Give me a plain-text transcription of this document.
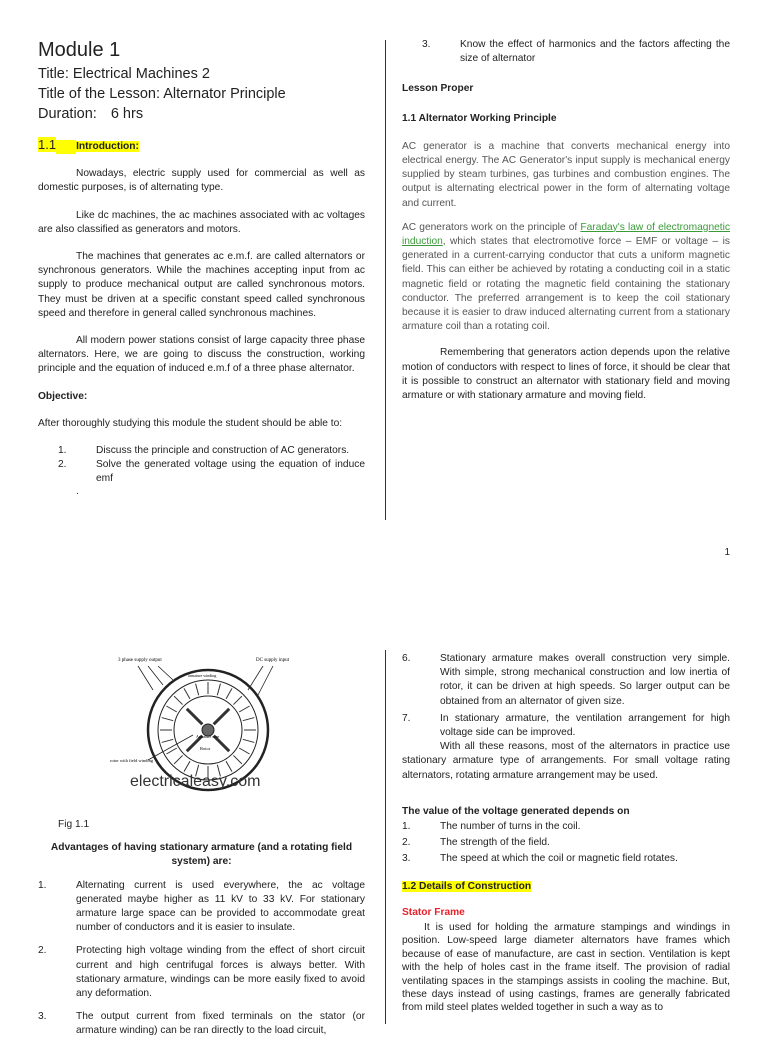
Module 1
Title: Electrical Machines 2
Title of the Lesson: Alternator Principle
Duration: 6 hrs
1.1 Introduction:

Nowadays, electric supply used for commercial as well as domestic purposes, is of alternating type.

Like dc machines, the ac machines associated with ac voltages are also classified as generators and motors.

The machines that generates ac e.m.f. are called alternators or synchronous generators. While the machines accepting input from ac supply to produce mechanical output are called synchronous motors. They must be driven at a specific constant speed called synchronous speed and therefore in general called synchronous machines.

All modern power stations consist of large capacity three phase alternators. Here, we are going to discuss the construction, working principle and the equation of induced e.m.f of a three phase alternator.

Objective:

After thoroughly studying this module the student should be able to:

1.	Discuss the principle and construction of AC generators.
2.	Solve the generated voltage using the equation of induce emf
.
3.	Know the effect of harmonics and the factors affecting the size of alternator
Lesson Proper
1.1 Alternator Working Principle

AC generator is a machine that converts mechanical energy into electrical energy. The AC Generator's input supply is mechanical energy supplied by steam turbines, gas turbines and combustion engines. The output is alternating electrical power in the form of alternating voltage and current.

AC generators work on the principle of Faraday's law of electromagnetic induction, which states that electromotive force – EMF or voltage – is generated in a current-carrying conductor that cuts a uniform magnetic field. This can either be achieved by rotating a conducting coil in a static magnetic field or rotating the magnetic field containing the stationary conductor. The preferred arrangement is to keep the coil stationary because it is easier to draw induced alternating current from a stationary armature coil than a rotating coil.

Remembering that generators action depends upon the relative motion of conductors with respect to lines of force, it should be clear that it is possible to construct an alternator with stationary field and moving armature or with stationary armature and moving field.

1
3 phase supply output	DC supply input
armature winding
rotor with field winding
Armature core
Rotor
electricaleasy.com
Fig 1.1

Advantages of having stationary armature (and a rotating field system) are:

1.	Alternating current is used everywhere, the ac voltage generated maybe higher as 11 kV to 33 kV. For stationary armature large space can be provided to accommodate great number of conductors and it is easier to insulate.
2.	Protecting high voltage winding from the effect of short circuit current and high centrifugal forces is always better. With stationary armature, windings can be more easily fixed to avoid any deformation.
3.	The output current from fixed terminals on the stator (or armature winding) can be ran directly to the load circuit,
6.	Stationary armature makes overall construction very simple. With simple, strong mechanical construction and low inertia of rotor, it can be driven at high speeds. So larger output can be obtained from an alternator of given size.
7.	In stationary armature, the ventilation arrangement for high voltage side can be improved.

With all these reasons, most of the alternators in practice use stationary armature type of arrangements. For small voltage rating alternators, rotating armature arrangement may be used.

The value of the voltage generated depends on
1.	The number of turns in the coil.
2.	The strength of the field.
3.	The speed at which the coil or magnetic field rotates.
1.2 Details of Construction
Stator Frame

It is used for holding the armature stampings and windings in position. Low-speed large diameter alternators have frames which because of ease of manufacture, are cast in section. Ventilation is kept with the help of holes cast in the frame itself. The provision of radial ventilating spaces in the stampings assists in cooling the machine. But, these days instead of using castings, frames are generally fabricated from mild steel plates welded together in such a way as to
